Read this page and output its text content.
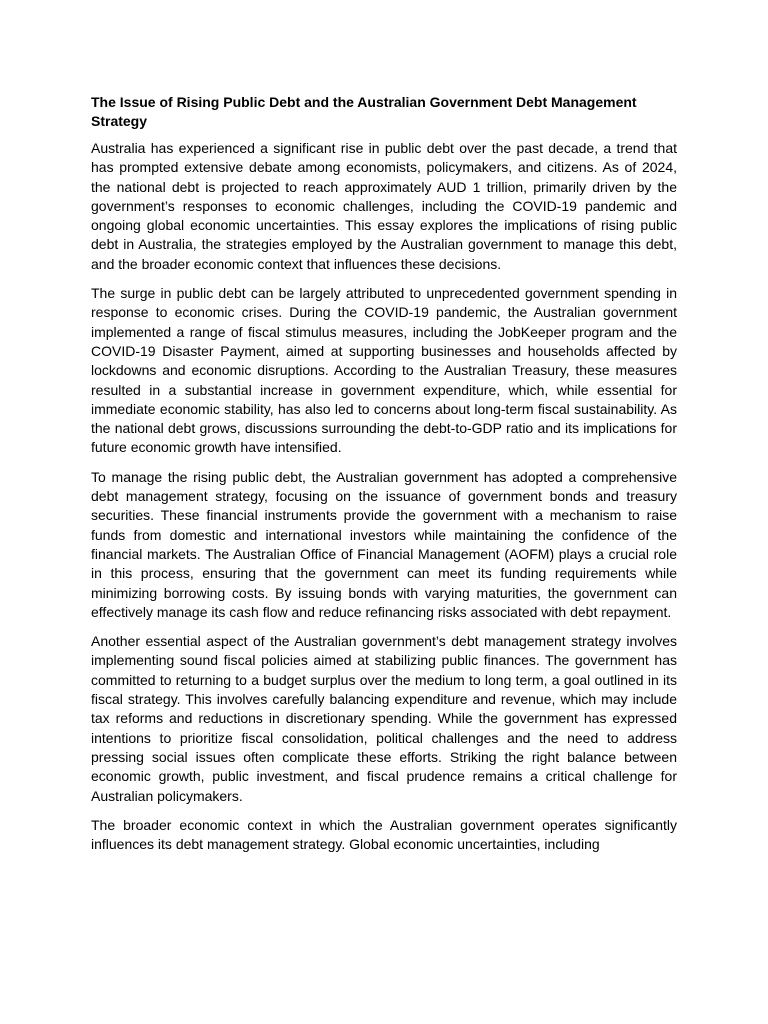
The Issue of Rising Public Debt and the Australian Government Debt Management Strategy

Australia has experienced a significant rise in public debt over the past decade, a trend that has prompted extensive debate among economists, policymakers, and citizens. As of 2024, the national debt is projected to reach approximately AUD 1 trillion, primarily driven by the government’s responses to economic challenges, including the COVID-19 pandemic and ongoing global economic uncertainties. This essay explores the implications of rising public debt in Australia, the strategies employed by the Australian government to manage this debt, and the broader economic context that influences these decisions.

The surge in public debt can be largely attributed to unprecedented government spending in response to economic crises. During the COVID-19 pandemic, the Australian government implemented a range of fiscal stimulus measures, including the JobKeeper program and the COVID-19 Disaster Payment, aimed at supporting businesses and households affected by lockdowns and economic disruptions. According to the Australian Treasury, these measures resulted in a substantial increase in government expenditure, which, while essential for immediate economic stability, has also led to concerns about long-term fiscal sustainability. As the national debt grows, discussions surrounding the debt-to-GDP ratio and its implications for future economic growth have intensified.

To manage the rising public debt, the Australian government has adopted a comprehensive debt management strategy, focusing on the issuance of government bonds and treasury securities. These financial instruments provide the government with a mechanism to raise funds from domestic and international investors while maintaining the confidence of the financial markets. The Australian Office of Financial Management (AOFM) plays a crucial role in this process, ensuring that the government can meet its funding requirements while minimizing borrowing costs. By issuing bonds with varying maturities, the government can effectively manage its cash flow and reduce refinancing risks associated with debt repayment.

Another essential aspect of the Australian government’s debt management strategy involves implementing sound fiscal policies aimed at stabilizing public finances. The government has committed to returning to a budget surplus over the medium to long term, a goal outlined in its fiscal strategy. This involves carefully balancing expenditure and revenue, which may include tax reforms and reductions in discretionary spending. While the government has expressed intentions to prioritize fiscal consolidation, political challenges and the need to address pressing social issues often complicate these efforts. Striking the right balance between economic growth, public investment, and fiscal prudence remains a critical challenge for Australian policymakers.

The broader economic context in which the Australian government operates significantly influences its debt management strategy. Global economic uncertainties, including
